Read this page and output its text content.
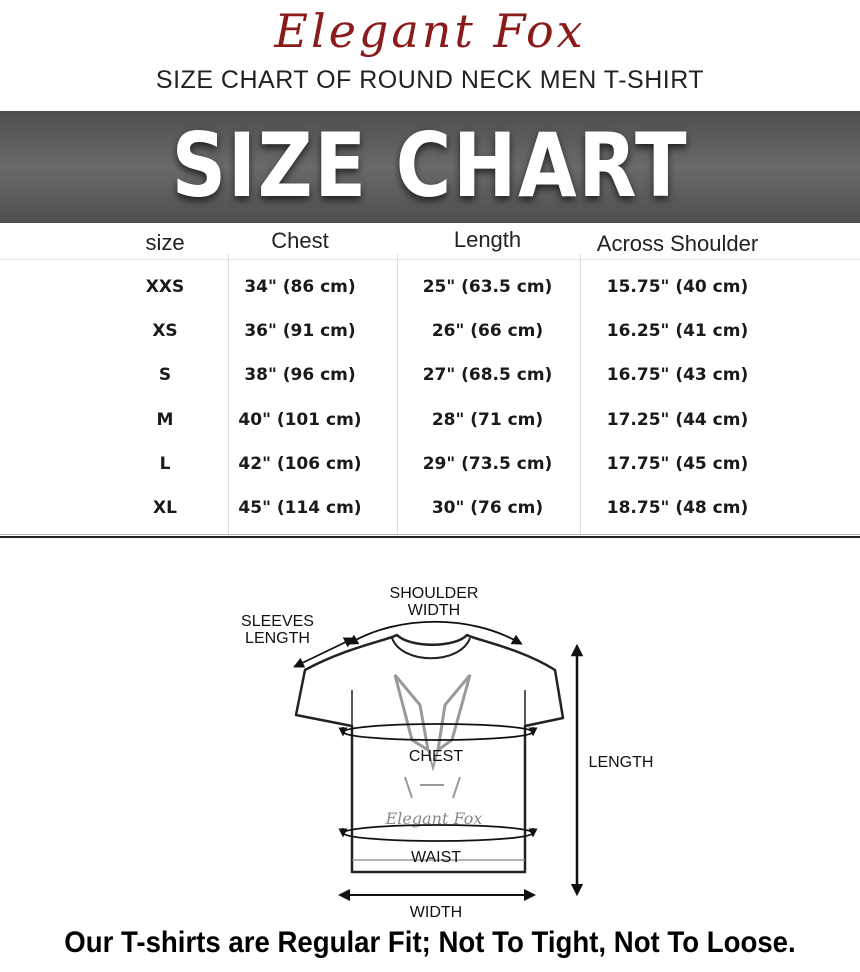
Elegant Fox
SIZE CHART OF ROUND NECK MEN T-SHIRT
SIZE CHART
size	Chest	Length	Across Shoulder
XXS	34" (86 cm)	25" (63.5 cm)	15.75" (40 cm)
XS	36" (91 cm)	26" (66 cm)	16.25" (41 cm)
S	38" (96 cm)	27" (68.5 cm)	16.75" (43 cm)
M	40" (101 cm)	28" (71 cm)	17.25" (44 cm)
L	42" (106 cm)	29" (73.5 cm)	17.75" (45 cm)
XL	45" (114 cm)	30" (76 cm)	18.75" (48 cm)
Elegant Fox
SHOULDER
WIDTH
SLEEVES
LENGTH
CHEST
WAIST
LENGTH
WIDTH
Our T-shirts are Regular Fit; Not To Tight, Not To Loose.
